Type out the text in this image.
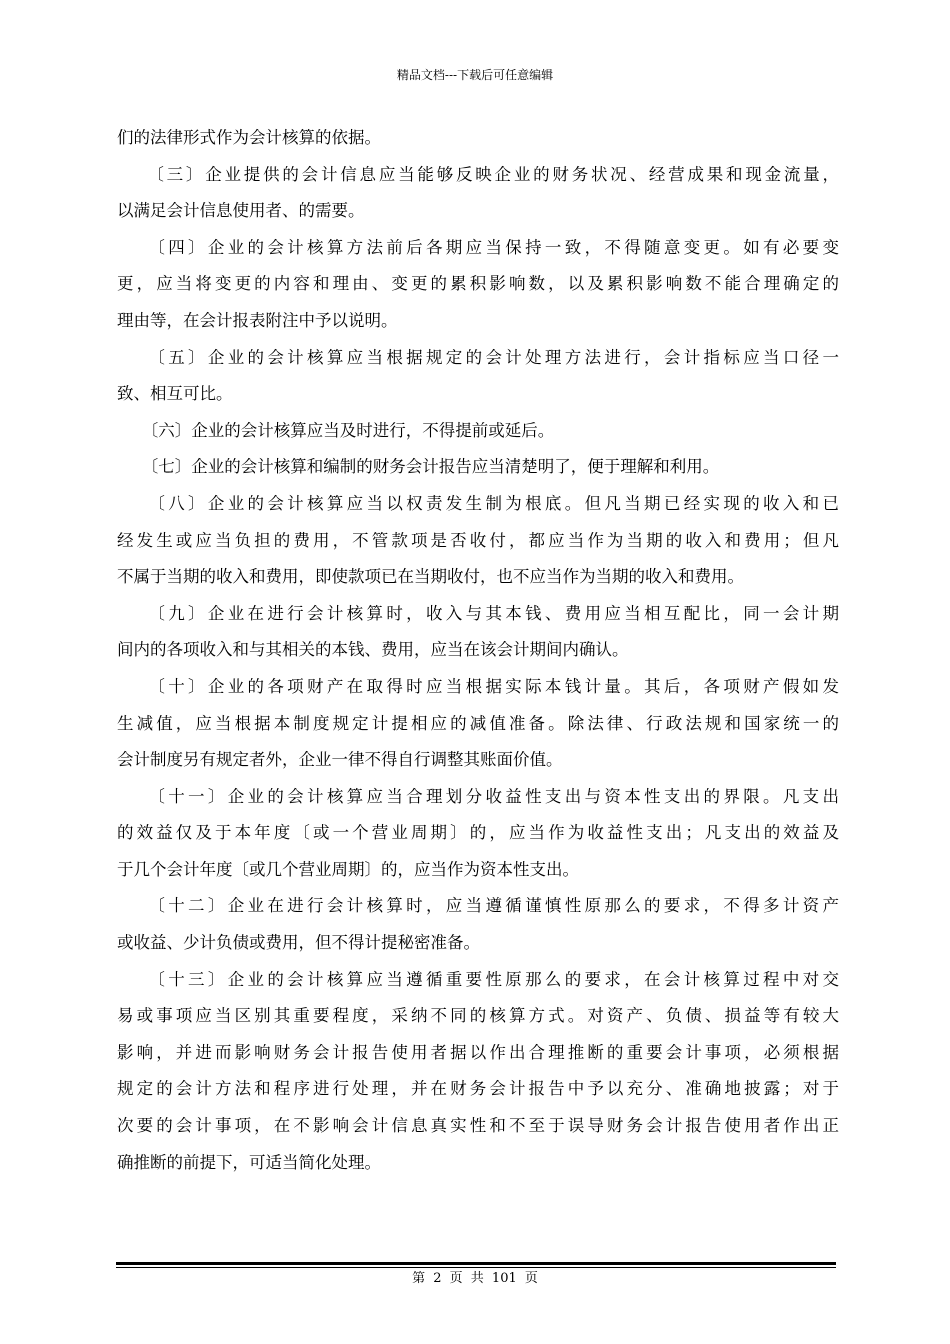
精品文档---下载后可任意编辑

们的法律形式作为会计核算的依据。

　　〔三〕企业提供的会计信息应当能够反映企业的财务状况、经营成果和现金流量，
以满足会计信息使用者、的需要。

　　〔四〕企业的会计核算方法前后各期应当保持一致，不得随意变更。如有必要变
更，应当将变更的内容和理由、变更的累积影响数，以及累积影响数不能合理确定的
理由等，在会计报表附注中予以说明。

　　〔五〕企业的会计核算应当根据规定的会计处理方法进行，会计指标应当口径一
致、相互可比。

　　〔六〕企业的会计核算应当及时进行，不得提前或延后。

　　〔七〕企业的会计核算和编制的财务会计报告应当清楚明了，便于理解和利用。

　　〔八〕企业的会计核算应当以权责发生制为根底。但凡当期已经实现的收入和已
经发生或应当负担的费用，不管款项是否收付，都应当作为当期的收入和费用；但凡
不属于当期的收入和费用，即使款项已在当期收付，也不应当作为当期的收入和费用。

　　〔九〕企业在进行会计核算时，收入与其本钱、费用应当相互配比，同一会计期
间内的各项收入和与其相关的本钱、费用，应当在该会计期间内确认。

　　〔十〕企业的各项财产在取得时应当根据实际本钱计量。其后，各项财产假如发
生减值，应当根据本制度规定计提相应的减值准备。除法律、行政法规和国家统一的
会计制度另有规定者外，企业一律不得自行调整其账面价值。

　　〔十一〕企业的会计核算应当合理划分收益性支出与资本性支出的界限。凡支出
的效益仅及于本年度〔或一个营业周期〕的，应当作为收益性支出；凡支出的效益及
于几个会计年度〔或几个营业周期〕的，应当作为资本性支出。

　　〔十二〕企业在进行会计核算时，应当遵循谨慎性原那么的要求，不得多计资产
或收益、少计负债或费用，但不得计提秘密准备。

　　〔十三〕企业的会计核算应当遵循重要性原那么的要求，在会计核算过程中对交
易或事项应当区别其重要程度，采纳不同的核算方式。对资产、负债、损益等有较大
影响，并进而影响财务会计报告使用者据以作出合理推断的重要会计事项，必须根据
规定的会计方法和程序进行处理，并在财务会计报告中予以充分、准确地披露；对于
次要的会计事项，在不影响会计信息真实性和不至于误导财务会计报告使用者作出正
确推断的前提下，可适当简化处理。

第 2 页 共 101 页
